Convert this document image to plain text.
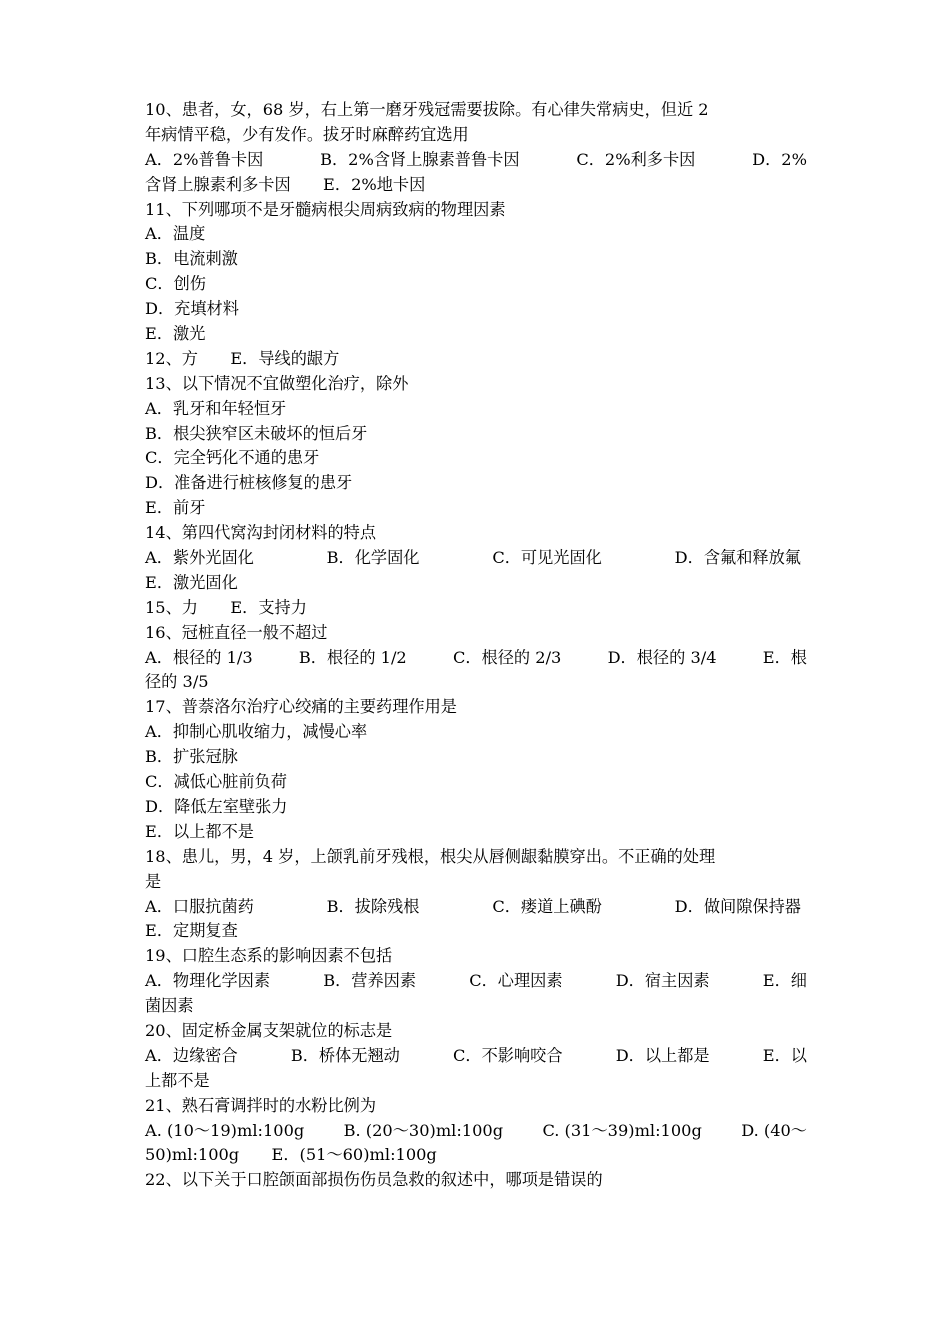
10、患者，女，68 岁，右上第一磨牙残冠需要拔除。有心律失常病史，但近 2
年病情平稳，少有发作。拔牙时麻醉药宜选用
A．2%普鲁卡因	B．2%含肾上腺素普鲁卡因	C．2%利多卡因	D．2%
含肾上腺素利多卡因　　E．2%地卡因
11、下列哪项不是牙髓病根尖周病致病的物理因素
A．温度
B．电流刺激
C．创伤
D．充填材料
E．激光
12、方　　E．导线的龈方
13、以下情况不宜做塑化治疗，除外
A．乳牙和年轻恒牙
B．根尖狭窄区未破坏的恒后牙
C．完全钙化不通的患牙
D．准备进行桩核修复的患牙
E．前牙
14、第四代窝沟封闭材料的特点
A．紫外光固化	B．化学固化	C．可见光固化	D．含氟和释放氟
E．激光固化
15、力　　E．支持力
16、冠桩直径一般不超过
A．根径的 1/3	B．根径的 1/2	C．根径的 2/3	D．根径的 3/4	E．根
径的 3/5
17、普萘洛尔治疗心绞痛的主要药理作用是
A．抑制心肌收缩力，减慢心率
B．扩张冠脉
C．减低心脏前负荷
D．降低左室壁张力
E．以上都不是
18、患儿，男，4 岁，上颌乳前牙残根，根尖从唇侧龈黏膜穿出。不正确的处理
是
A．口服抗菌药	B．拔除残根	C．瘘道上碘酚	D．做间隙保持器
E．定期复查
19、口腔生态系的影响因素不包括
A．物理化学因素	B．营养因素	C．心理因素	D．宿主因素	E．细
菌因素
20、固定桥金属支架就位的标志是
A．边缘密合	B．桥体无翘动	C．不影响咬合	D．以上都是	E．以
上都不是
21、熟石膏调拌时的水粉比例为
A. (10～19)ml:100g B. (20～30)ml:100g C. (31～39)ml:100g D. (40～
50)ml:100g　　E．(51～60)ml:100g
22、以下关于口腔颌面部损伤伤员急救的叙述中，哪项是错误的
